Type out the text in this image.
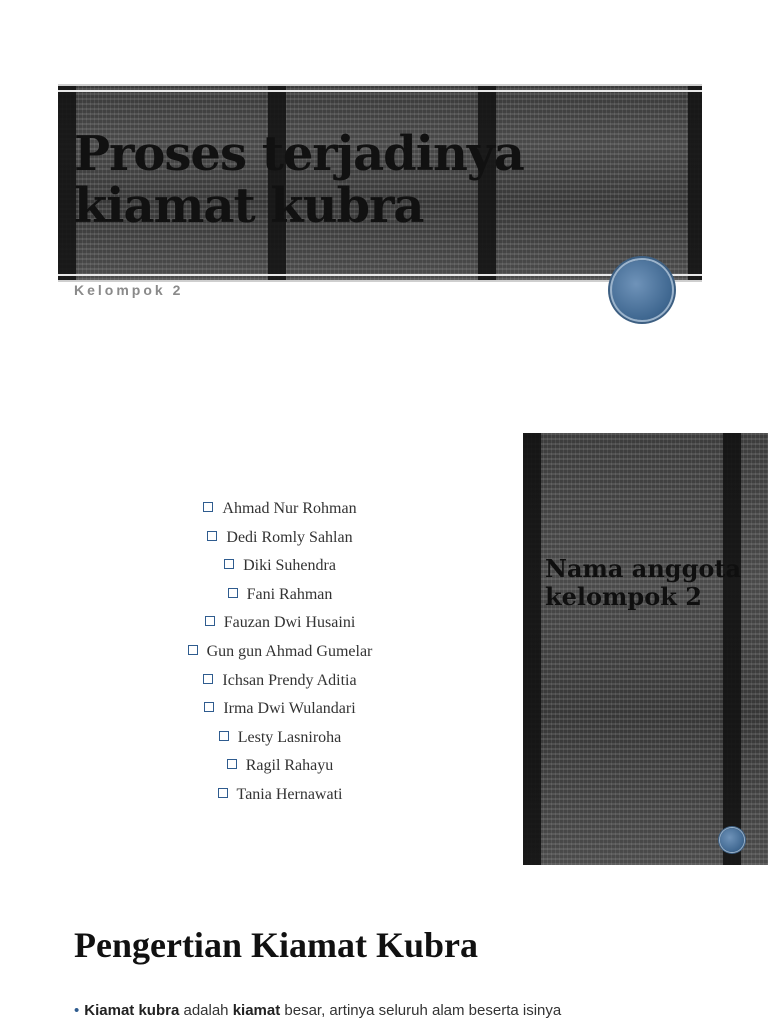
Proses terjadinya kiamat kubra

Kelompok 2

Ahmad Nur Rohman
Dedi Romly Sahlan
Diki Suhendra
Fani Rahman
Fauzan Dwi Husaini
Gun gun Ahmad Gumelar
Ichsan Prendy Aditia
Irma Dwi Wulandari
Lesty Lasniroha
Ragil Rahayu
Tania Hernawati
Nama anggota kelompok 2
Pengertian Kiamat Kubra

• Kiamat kubra adalah kiamat besar, artinya seluruh alam beserta isinya
